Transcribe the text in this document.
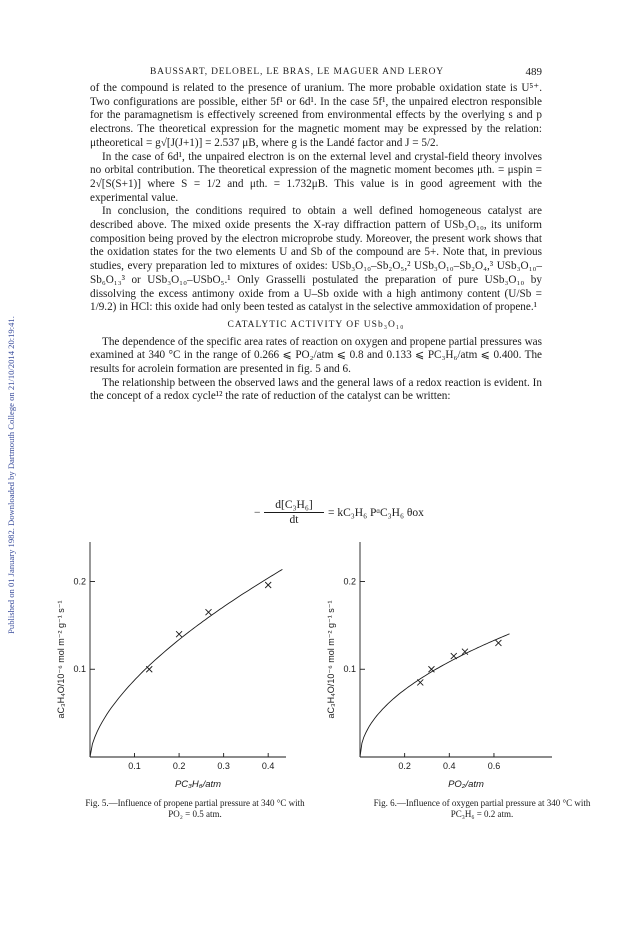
Published on 01 January 1982. Downloaded by Dartmouth College on 21/10/2014 20:19:41.
BAUSSART, DELOBEL, LE BRAS, LE MAGUER AND LEROY	489

of the compound is related to the presence of uranium. The more probable oxidation state is U⁵⁺. Two configurations are possible, either 5f¹ or 6d¹. In the case 5f¹, the unpaired electron responsible for the paramagnetism is effectively screened from environmental effects by the overlying s and p electrons. The theoretical expression for the magnetic moment may be expressed by the relation: μtheoretical = g√[J(J+1)] = 2.537 μB, where g is the Landé factor and J = 5/2.

In the case of 6d¹, the unpaired electron is on the external level and crystal-field theory involves no orbital contribution. The theoretical expression of the magnetic moment becomes μth. = μspin = 2√[S(S+1)] where S = 1/2 and μth. = 1.732μB. This value is in good agreement with the experimental value.

In conclusion, the conditions required to obtain a well defined homogeneous catalyst are described above. The mixed oxide presents the X-ray diffraction pattern of USb₃O₁₀, its uniform composition being proved by the electron microprobe study. Moreover, the present work shows that the oxidation states for the two elements U and Sb of the compound are 5+. Note that, in previous studies, every preparation led to mixtures of oxides: USb₃O₁₀–Sb₂O₅,² USb₃O₁₀–Sb₂O₄,³ USb₃O₁₀–Sb₆O₁₃³ or USb₃O₁₀–USbO₅.¹ Only Grasselli postulated the preparation of pure USb₃O₁₀ by dissolving the excess antimony oxide from a U–Sb oxide with a high antimony content (U/Sb = 1/9.2) in HCl: this oxide had only been tested as catalyst in the selective ammoxidation of propene.¹

CATALYTIC ACTIVITY OF USb₃O₁₀

The dependence of the specific area rates of reaction on oxygen and propene partial pressures was examined at 340 °C in the range of 0.266 ⩽ PO₂/atm ⩽ 0.8 and 0.133 ⩽ PC₃H₆/atm ⩽ 0.400. The results for acrolein formation are presented in fig. 5 and 6.

The relationship between the observed laws and the general laws of a redox reaction is evident. In the concept of a redox cycle¹² the rate of reduction of the catalyst can be written:

− $\frac{\text{d[C₃H₆]}}{dt} = kC_3H_6$ PᵅC₃H₆ θox
0.1	0.2	0.3	0.4
0.1
0.2
PC₃H₆/atm
aC₃H₄O/10⁻⁶ mol m⁻² g⁻¹ s⁻¹
Fig. 5.—Influence of propene partial pressure at 340 °C with PO₂ = 0.5 atm.
0.2	0.4	0.6
0.1
0.2
PO₂/atm
aC₃H₄O/10⁻⁶ mol m⁻² g⁻¹ s⁻¹
Fig. 6.—Influence of oxygen partial pressure at 340 °C with PC₃H₆ = 0.2 atm.
